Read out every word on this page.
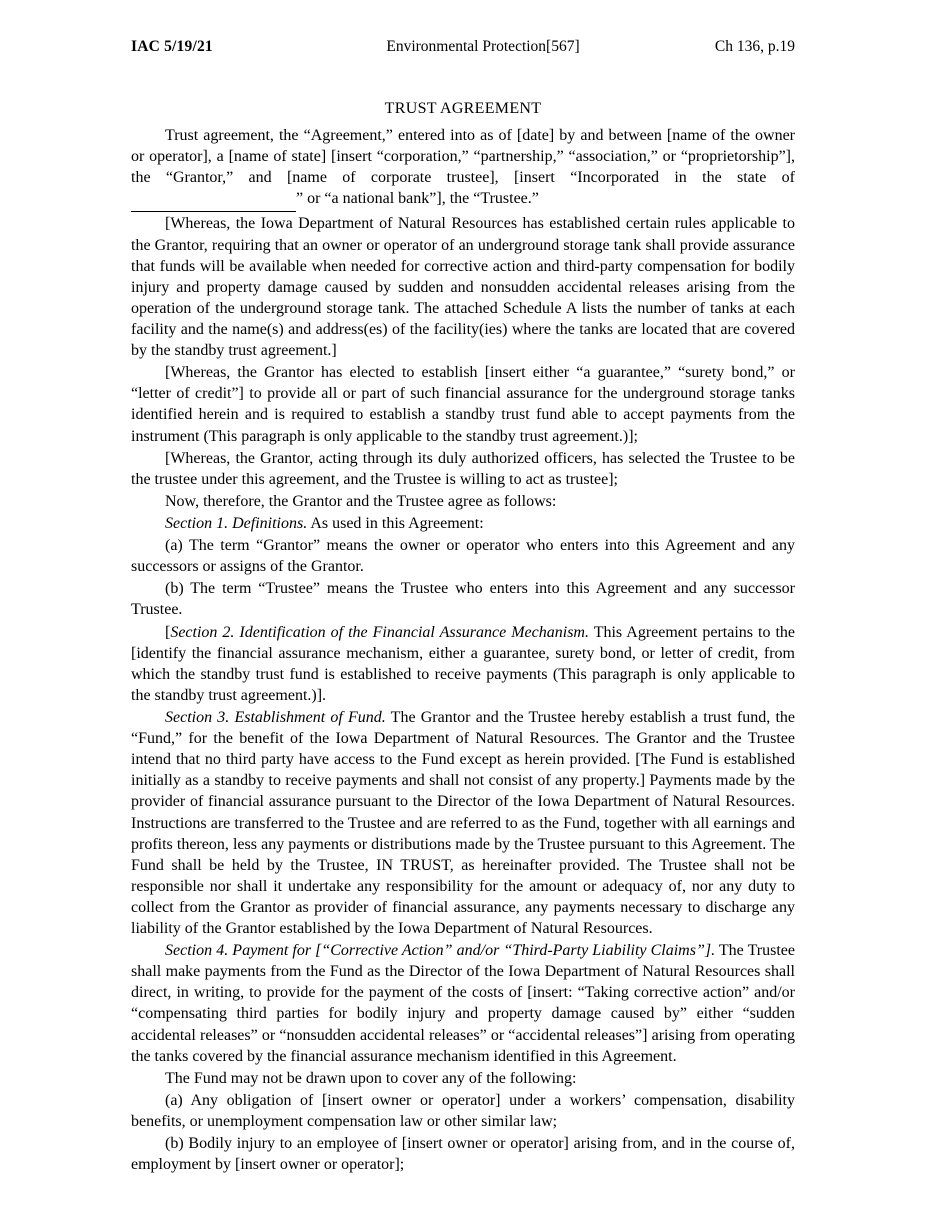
IAC 5/19/21	Environmental Protection[567]	Ch 136, p.19
TRUST AGREEMENT

Trust agreement, the “Agreement,” entered into as of [date] by and between [name of the owner or operator], a [name of state] [insert “corporation,” “partnership,” “association,” or “proprietorship”], the “Grantor,” and [name of corporate trustee], [insert “Incorporated in the state of  ” or “a national bank”], the “Trustee.”

[Whereas, the Iowa Department of Natural Resources has established certain rules applicable to the Grantor, requiring that an owner or operator of an underground storage tank shall provide assurance that funds will be available when needed for corrective action and third-party compensation for bodily injury and property damage caused by sudden and nonsudden accidental releases arising from the operation of the underground storage tank. The attached Schedule A lists the number of tanks at each facility and the name(s) and address(es) of the facility(ies) where the tanks are located that are covered by the standby trust agreement.]

[Whereas, the Grantor has elected to establish [insert either “a guarantee,” “surety bond,” or “letter of credit”] to provide all or part of such financial assurance for the underground storage tanks identified herein and is required to establish a standby trust fund able to accept payments from the instrument (This paragraph is only applicable to the standby trust agreement.)];

[Whereas, the Grantor, acting through its duly authorized officers, has selected the Trustee to be the trustee under this agreement, and the Trustee is willing to act as trustee];

Now, therefore, the Grantor and the Trustee agree as follows:

Section 1. Definitions. As used in this Agreement:

(a) The term “Grantor” means the owner or operator who enters into this Agreement and any successors or assigns of the Grantor.

(b) The term “Trustee” means the Trustee who enters into this Agreement and any successor Trustee.

[Section 2. Identification of the Financial Assurance Mechanism. This Agreement pertains to the [identify the financial assurance mechanism, either a guarantee, surety bond, or letter of credit, from which the standby trust fund is established to receive payments (This paragraph is only applicable to the standby trust agreement.)].

Section 3. Establishment of Fund. The Grantor and the Trustee hereby establish a trust fund, the “Fund,” for the benefit of the Iowa Department of Natural Resources. The Grantor and the Trustee intend that no third party have access to the Fund except as herein provided. [The Fund is established initially as a standby to receive payments and shall not consist of any property.] Payments made by the provider of financial assurance pursuant to the Director of the Iowa Department of Natural Resources. Instructions are transferred to the Trustee and are referred to as the Fund, together with all earnings and profits thereon, less any payments or distributions made by the Trustee pursuant to this Agreement. The Fund shall be held by the Trustee, IN TRUST, as hereinafter provided. The Trustee shall not be responsible nor shall it undertake any responsibility for the amount or adequacy of, nor any duty to collect from the Grantor as provider of financial assurance, any payments necessary to discharge any liability of the Grantor established by the Iowa Department of Natural Resources.

Section 4. Payment for [“Corrective Action” and/or “Third-Party Liability Claims”]. The Trustee shall make payments from the Fund as the Director of the Iowa Department of Natural Resources shall direct, in writing, to provide for the payment of the costs of [insert: “Taking corrective action” and/or “compensating third parties for bodily injury and property damage caused by” either “sudden accidental releases” or “nonsudden accidental releases” or “accidental releases”] arising from operating the tanks covered by the financial assurance mechanism identified in this Agreement.

The Fund may not be drawn upon to cover any of the following:

(a) Any obligation of [insert owner or operator] under a workers’ compensation, disability benefits, or unemployment compensation law or other similar law;

(b) Bodily injury to an employee of [insert owner or operator] arising from, and in the course of, employment by [insert owner or operator];
